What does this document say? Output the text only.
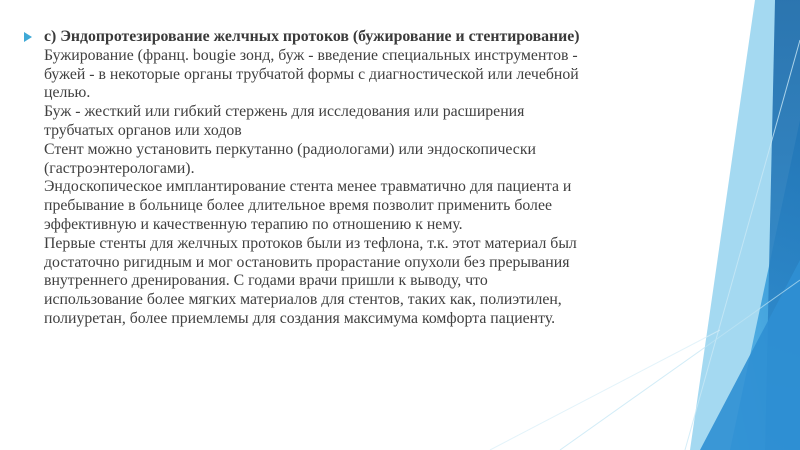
с) Эндопротезирование желчных протоков (бужирование и стентирование)
Бужирование (франц. bougie зонд, буж - введение специальных инструментов -
бужей - в некоторые органы трубчатой формы с диагностической или лечебной
целью.
Буж - жесткий или гибкий стержень для исследования или расширения
трубчатых органов или ходов
Стент можно установить перкутанно (радиологами) или эндоскопически
(гастроэнтерологами).
Эндоскопическое имплантирование стента менее травматично для пациента и
пребывание в больнице более длительное время позволит применить более
эффективную и качественную терапию по отношению к нему.
Первые стенты для желчных протоков были из тефлона, т.к. этот материал был
достаточно ригидным и мог остановить прорастание опухоли без прерывания
внутреннего дренирования. С годами врачи пришли к выводу, что
использование более мягких материалов для стентов, таких как, полиэтилен,
полиуретан, более приемлемы для создания максимума комфорта пациенту.
